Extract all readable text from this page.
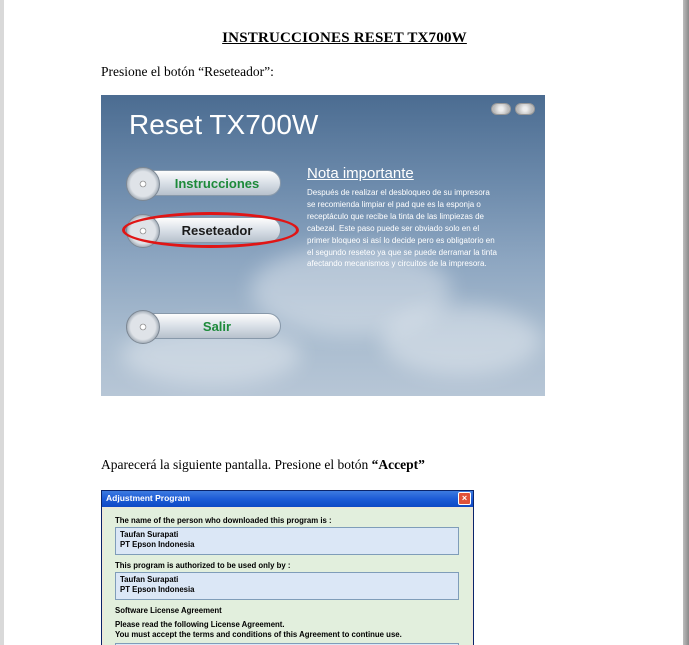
INSTRUCCIONES RESET TX700W
Presione el botón “Reseteador”:
Reset TX700W
Instrucciones
Reseteador
Salir
Nota importante
Después de realizar el desbloqueo de su impresora
se recomienda limpiar el pad que es la esponja o
receptáculo que recibe la tinta de las limpiezas de
cabezal. Este paso puede ser obviado solo en el
primer bloqueo si así lo decide pero es obligatorio en
el segundo reseteo ya que se puede derramar la tinta
afectando mecanismos y circuitos de la impresora.
Aparecerá la siguiente pantalla. Presione el botón “Accept”
Adjustment Program	×
The name of the person who downloaded this program is :
Taufan Surapati
PT Epson Indonesia
This program is authorized to be used only by :
Taufan Surapati
PT Epson Indonesia
Software License Agreement
Please read the following License Agreement.
You must accept the terms and conditions of this Agreement to continue use.
